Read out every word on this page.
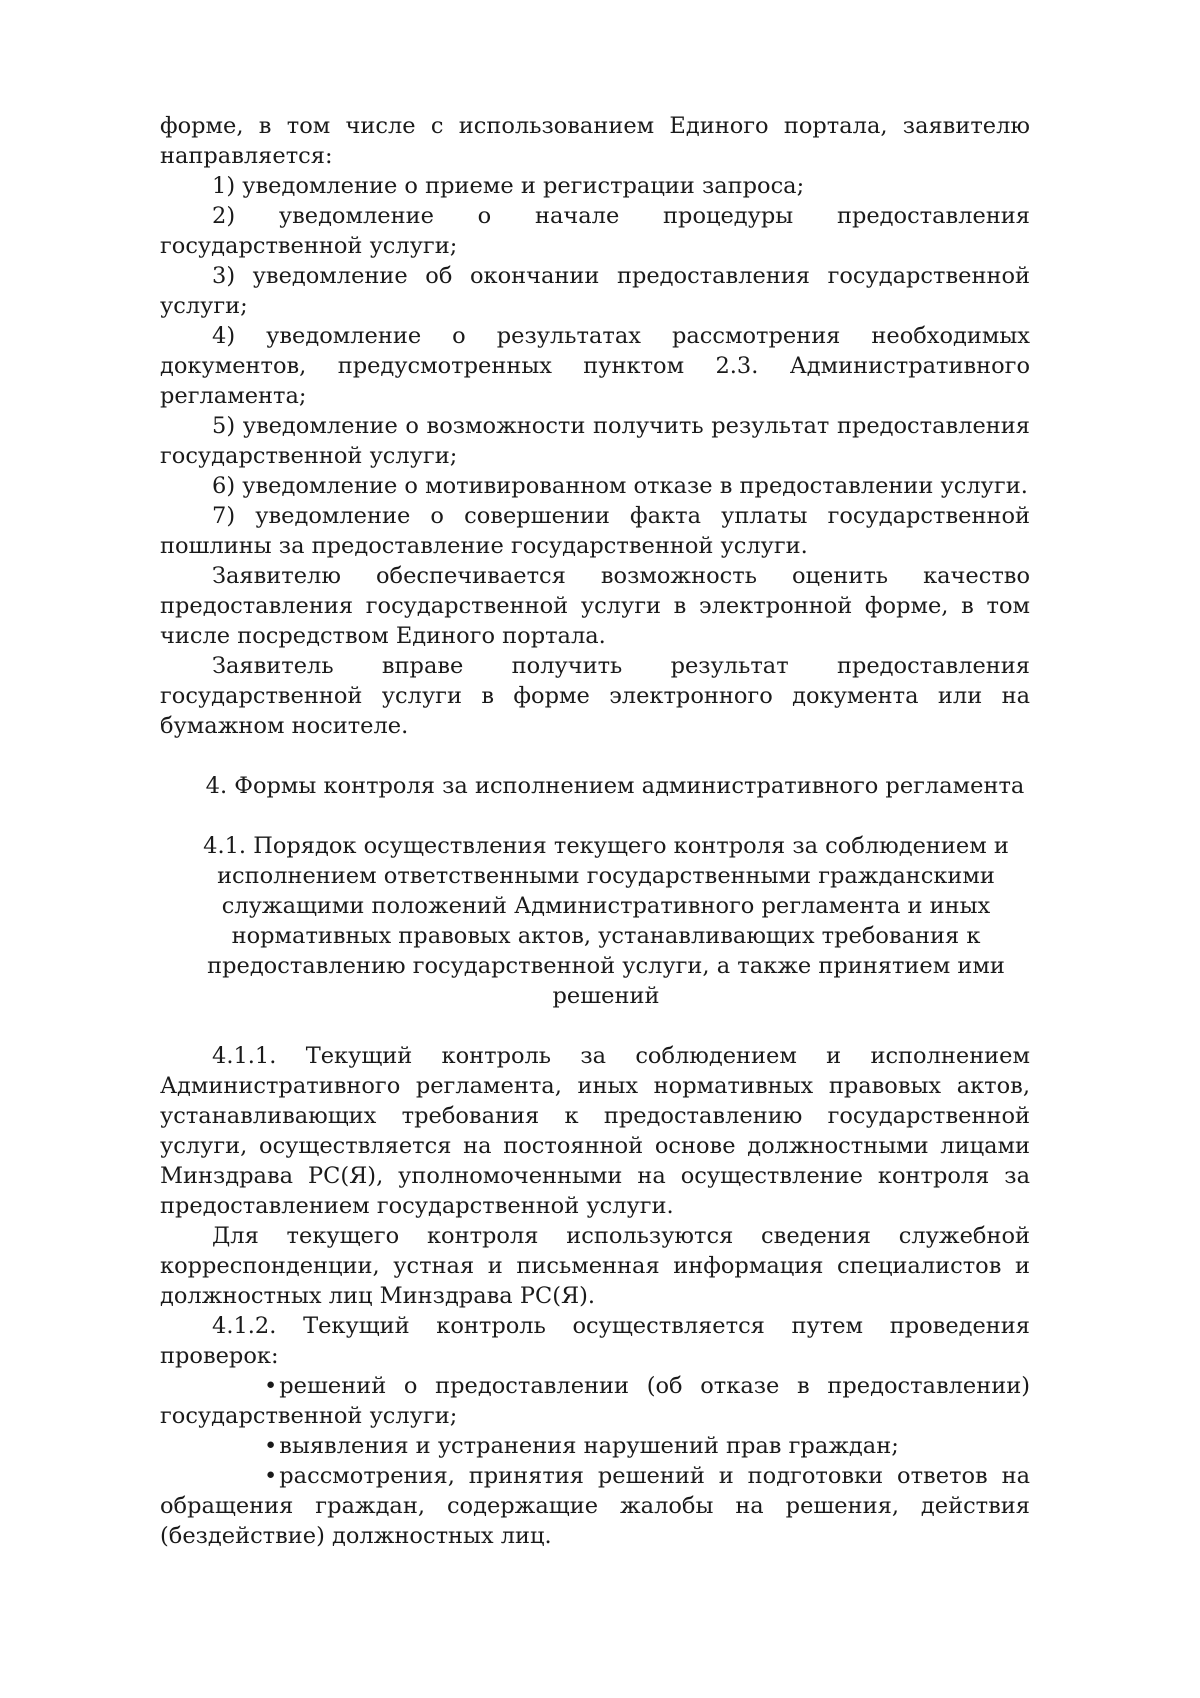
форме, в том числе с использованием Единого портала, заявителю направляется:

1) уведомление о приеме и регистрации запроса;

2) уведомление о начале процедуры предоставления государственной услуги;

3) уведомление об окончании предоставления государственной услуги;

4) уведомление о результатах рассмотрения необходимых документов, предусмотренных пунктом 2.3. Административного регламента;

5) уведомление о возможности получить результат предоставления государственной услуги;

6) уведомление о мотивированном отказе в предоставлении услуги.

7) уведомление о совершении факта уплаты государственной пошлины за предоставление государственной услуги.

Заявителю обеспечивается возможность оценить качество предоставления государственной услуги в электронной форме, в том числе посредством Единого портала.

Заявитель вправе получить результат предоставления государственной услуги в форме электронного документа или на бумажном носителе.

4. Формы контроля за исполнением административного регламента

4.1. Порядок осуществления текущего контроля за соблюдением и исполнением ответственными государственными гражданскими служащими положений Административного регламента и иных нормативных правовых актов, устанавливающих требования к предоставлению государственной услуги, а также принятием ими решений

4.1.1. Текущий контроль за соблюдением и исполнением Административного регламента, иных нормативных правовых актов, устанавливающих требования к предоставлению государственной услуги, осуществляется на постоянной основе должностными лицами Минздрава РС(Я), уполномоченными на осуществление контроля за предоставлением государственной услуги.

Для текущего контроля используются сведения служебной корреспонденции, устная и письменная информация специалистов и должностных лиц Минздрава РС(Я).

4.1.2. Текущий контроль осуществляется путем проведения проверок:

•решений о предоставлении (об отказе в предоставлении) государственной услуги;

•выявления и устранения нарушений прав граждан;

•рассмотрения, принятия решений и подготовки ответов на обращения граждан, содержащие жалобы на решения, действия (бездействие) должностных лиц.
